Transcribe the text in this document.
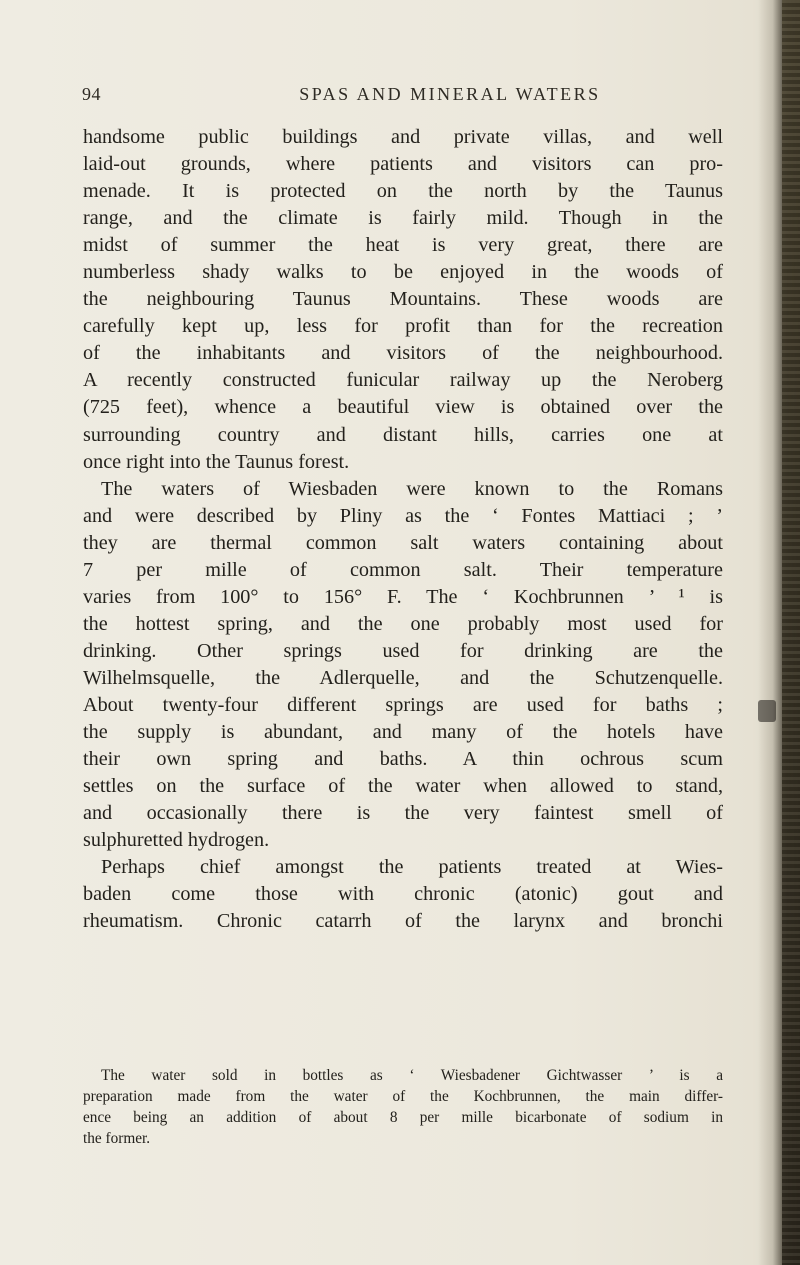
94	SPAS AND MINERAL WATERS
handsome public buildings and private villas, and well
laid-out grounds, where patients and visitors can pro-
menade. It is protected on the north by the Taunus
range, and the climate is fairly mild. Though in the
midst of summer the heat is very great, there are
numberless shady walks to be enjoyed in the woods of
the neighbouring Taunus Mountains. These woods are
carefully kept up, less for profit than for the recreation
of the inhabitants and visitors of the neighbourhood.
A recently constructed funicular railway up the Neroberg
(725 feet), whence a beautiful view is obtained over the
surrounding country and distant hills, carries one at
once right into the Taunus forest.
The waters of Wiesbaden were known to the Romans
and were described by Pliny as the ‘ Fontes Mattiaci ; ’
they are thermal common salt waters containing about
7 per mille of common salt. Their temperature
varies from 100° to 156° F. The ‘ Kochbrunnen ’ ¹ is
the hottest spring, and the one probably most used for
drinking. Other springs used for drinking are the
Wilhelmsquelle, the Adlerquelle, and the Schutzenquelle.
About twenty-four different springs are used for baths ;
the supply is abundant, and many of the hotels have
their own spring and baths. A thin ochrous scum
settles on the surface of the water when allowed to stand,
and occasionally there is the very faintest smell of
sulphuretted hydrogen.
Perhaps chief amongst the patients treated at Wies-
baden come those with chronic (atonic) gout and
rheumatism. Chronic catarrh of the larynx and bronchi
The water sold in bottles as ‘ Wiesbadener Gichtwasser ’ is a
preparation made from the water of the Kochbrunnen, the main differ-
ence being an addition of about 8 per mille bicarbonate of sodium in
the former.
